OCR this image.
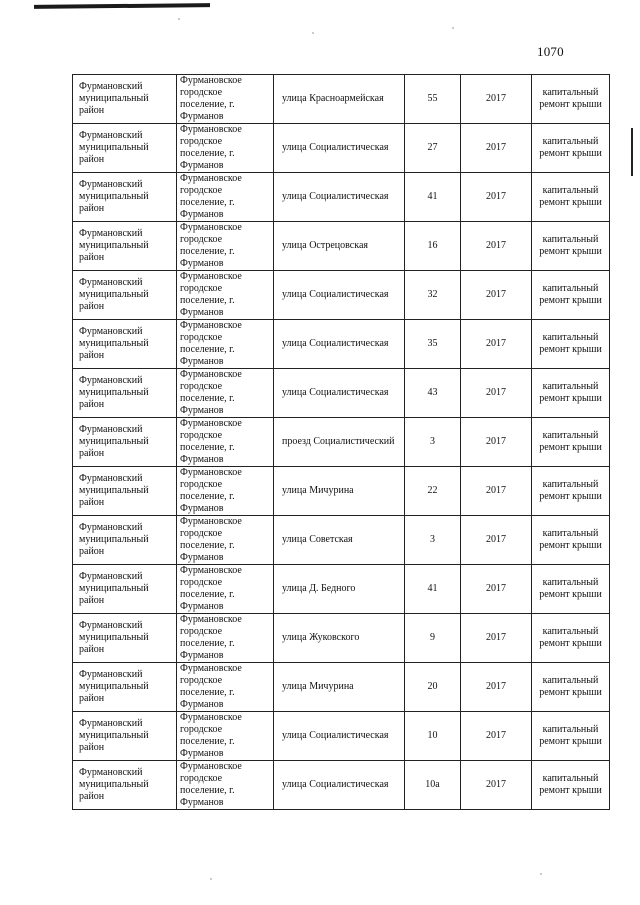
1070
Фурмановский муниципальный район	Фурмановское городское поселение, г. Фурманов	улица Красноармейская	55	2017	капитальный ремонт крыши
Фурмановский муниципальный район	Фурмановское городское поселение, г. Фурманов	улица Социалистическая	27	2017	капитальный ремонт крыши
Фурмановский муниципальный район	Фурмановское городское поселение, г. Фурманов	улица Социалистическая	41	2017	капитальный ремонт крыши
Фурмановский муниципальный район	Фурмановское городское поселение, г. Фурманов	улица Острецовская	16	2017	капитальный ремонт крыши
Фурмановский муниципальный район	Фурмановское городское поселение, г. Фурманов	улица Социалистическая	32	2017	капитальный ремонт крыши
Фурмановский муниципальный район	Фурмановское городское поселение, г. Фурманов	улица Социалистическая	35	2017	капитальный ремонт крыши
Фурмановский муниципальный район	Фурмановское городское поселение, г. Фурманов	улица Социалистическая	43	2017	капитальный ремонт крыши
Фурмановский муниципальный район	Фурмановское городское поселение, г. Фурманов	проезд Социалистический	3	2017	капитальный ремонт крыши
Фурмановский муниципальный район	Фурмановское городское поселение, г. Фурманов	улица Мичурина	22	2017	капитальный ремонт крыши
Фурмановский муниципальный район	Фурмановское городское поселение, г. Фурманов	улица Советская	3	2017	капитальный ремонт крыши
Фурмановский муниципальный район	Фурмановское городское поселение, г. Фурманов	улица Д. Бедного	41	2017	капитальный ремонт крыши
Фурмановский муниципальный район	Фурмановское городское поселение, г. Фурманов	улица Жуковского	9	2017	капитальный ремонт крыши
Фурмановский муниципальный район	Фурмановское городское поселение, г. Фурманов	улица Мичурина	20	2017	капитальный ремонт крыши
Фурмановский муниципальный район	Фурмановское городское поселение, г. Фурманов	улица Социалистическая	10	2017	капитальный ремонт крыши
Фурмановский муниципальный район	Фурмановское городское поселение, г. Фурманов	улица Социалистическая	10а	2017	капитальный ремонт крыши
